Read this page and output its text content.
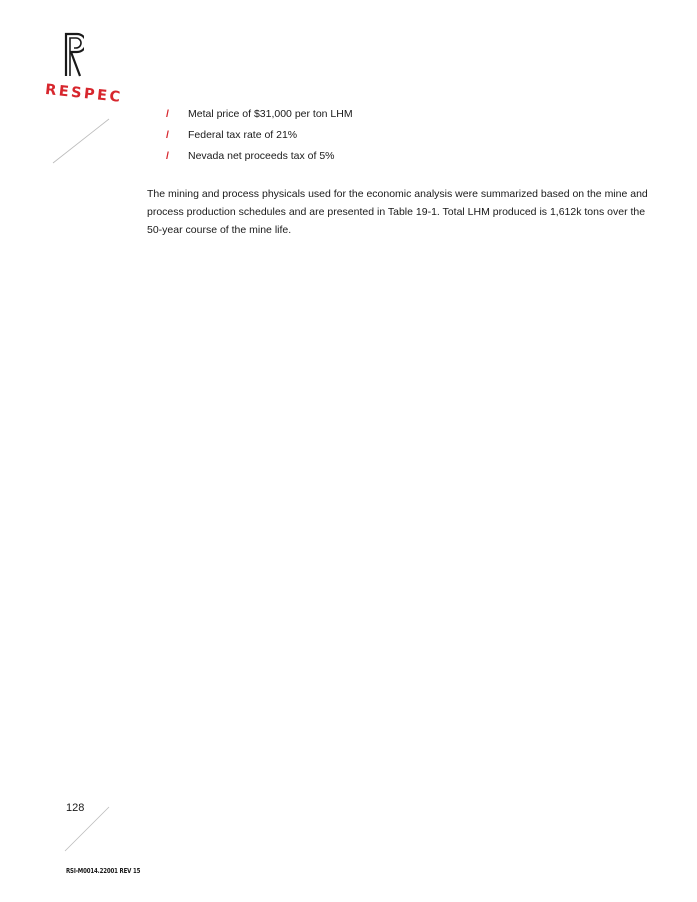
RESPEC
/ Metal price of $31,000 per ton LHM
/ Federal tax rate of 21%
/ Nevada net proceeds tax of 5%

The mining and process physicals used for the economic analysis were summarized based on the mine and process production schedules and are presented in Table 19-1. Total LHM produced is 1,612k tons over the 50-year course of the mine life.

128
RSI-M0014.22001 REV 15
